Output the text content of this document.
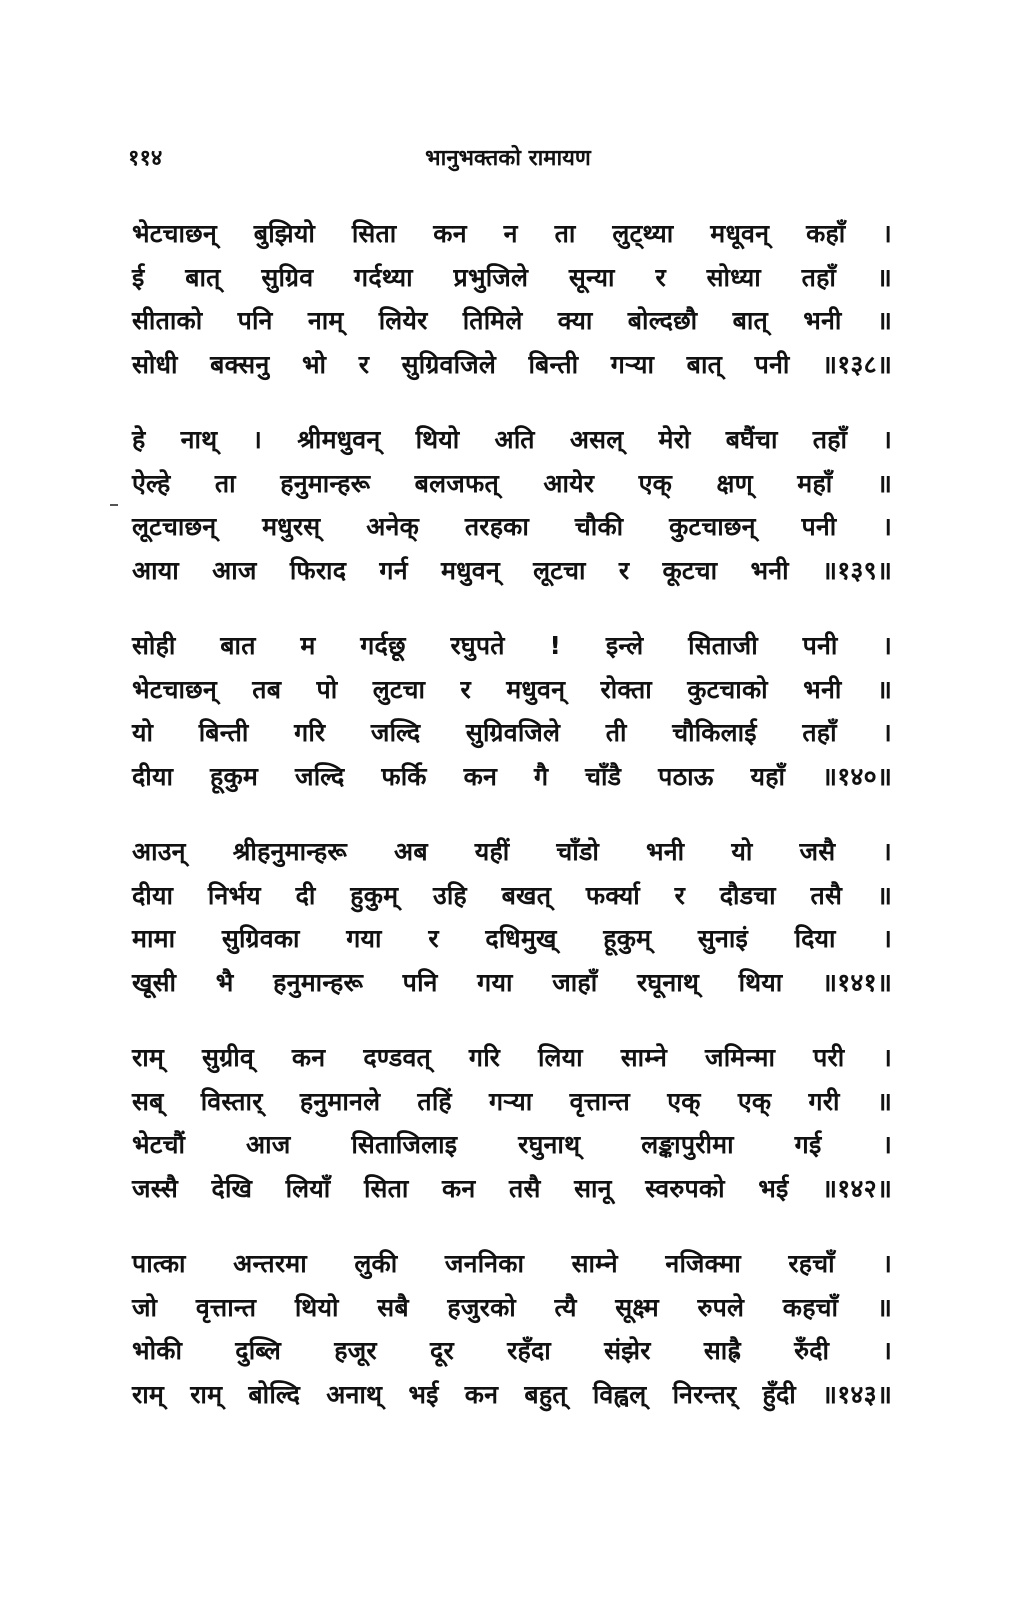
११४	भानुभक्तको रामायण
भेटचाछन् बुझियो सिता कन न ता लुट्थ्या मधूवन् कहाँ ।
ई बात् सुग्रिव गर्दथ्या प्रभुजिले सून्या र सोध्या तहाँ ॥
सीताको पनि नाम् लियेर तिमिले क्या बोल्दछौ बात् भनी ॥
सोधी बक्सनु भो र सुग्रिवजिले बिन्ती गऱ्या बात् पनी ॥१३८॥
हे नाथ् । श्रीमधुवन् थियो अति असल् मेरो बघैंचा तहाँ ।
ऐल्हे ता हनुमान्हरू बलजफत् आयेर एक् क्षण् महाँ ॥
लूटचाछन् मधुरस् अनेक् तरहका चौकी कुटचाछन् पनी ।
आया आज फिराद गर्न मधुवन् लूटचा र कूटचा भनी ॥१३९॥
सोही बात म गर्दछू रघुपते ! इन्ले सिताजी पनी ।
भेटचाछन् तब पो लुटचा र मधुवन् रोक्ता कुटचाको भनी ॥
यो बिन्ती गरि जल्दि सुग्रिवजिले ती चौकिलाई तहाँ ।
दीया हूकुम जल्दि फर्कि कन गै चाँडै पठाऊ यहाँ ॥१४०॥
आउन् श्रीहनुमान्हरू अब यहीं चाँडो भनी यो जसै ।
दीया निर्भय दी हुकुम् उहि बखत् फर्क्या र दौडचा तसै ॥
मामा सुग्रिवका गया र दधिमुख् हूकुम् सुनाइं दिया ।
खूसी भै हनुमान्हरू पनि गया जाहाँ रघूनाथ् थिया ॥१४१॥
राम् सुग्रीव् कन दण्डवत् गरि लिया साम्ने जमिन्मा परी ।
सब् विस्तार् हनुमानले तहिं गऱ्या वृत्तान्त एक् एक् गरी ॥
भेटचौं आज सिताजिलाइ रघुनाथ् लङ्कापुरीमा गई ।
जस्सै देखि लियाँ सिता कन तसै सानू स्वरुपको भई ॥१४२॥
पात्का अन्तरमा लुकी जननिका साम्ने नजिक्मा रहचाँ ।
जो वृत्तान्त थियो सबै हजुरको त्यै सूक्ष्म रुपले कहचाँ ॥
भोकी दुब्लि हजूर दूर रहँदा संझेर साह्रै रुँदी ।
राम् राम् बोल्दि अनाथ् भई कन बहुत् विह्वल् निरन्तर् हुँदी ॥१४३॥
